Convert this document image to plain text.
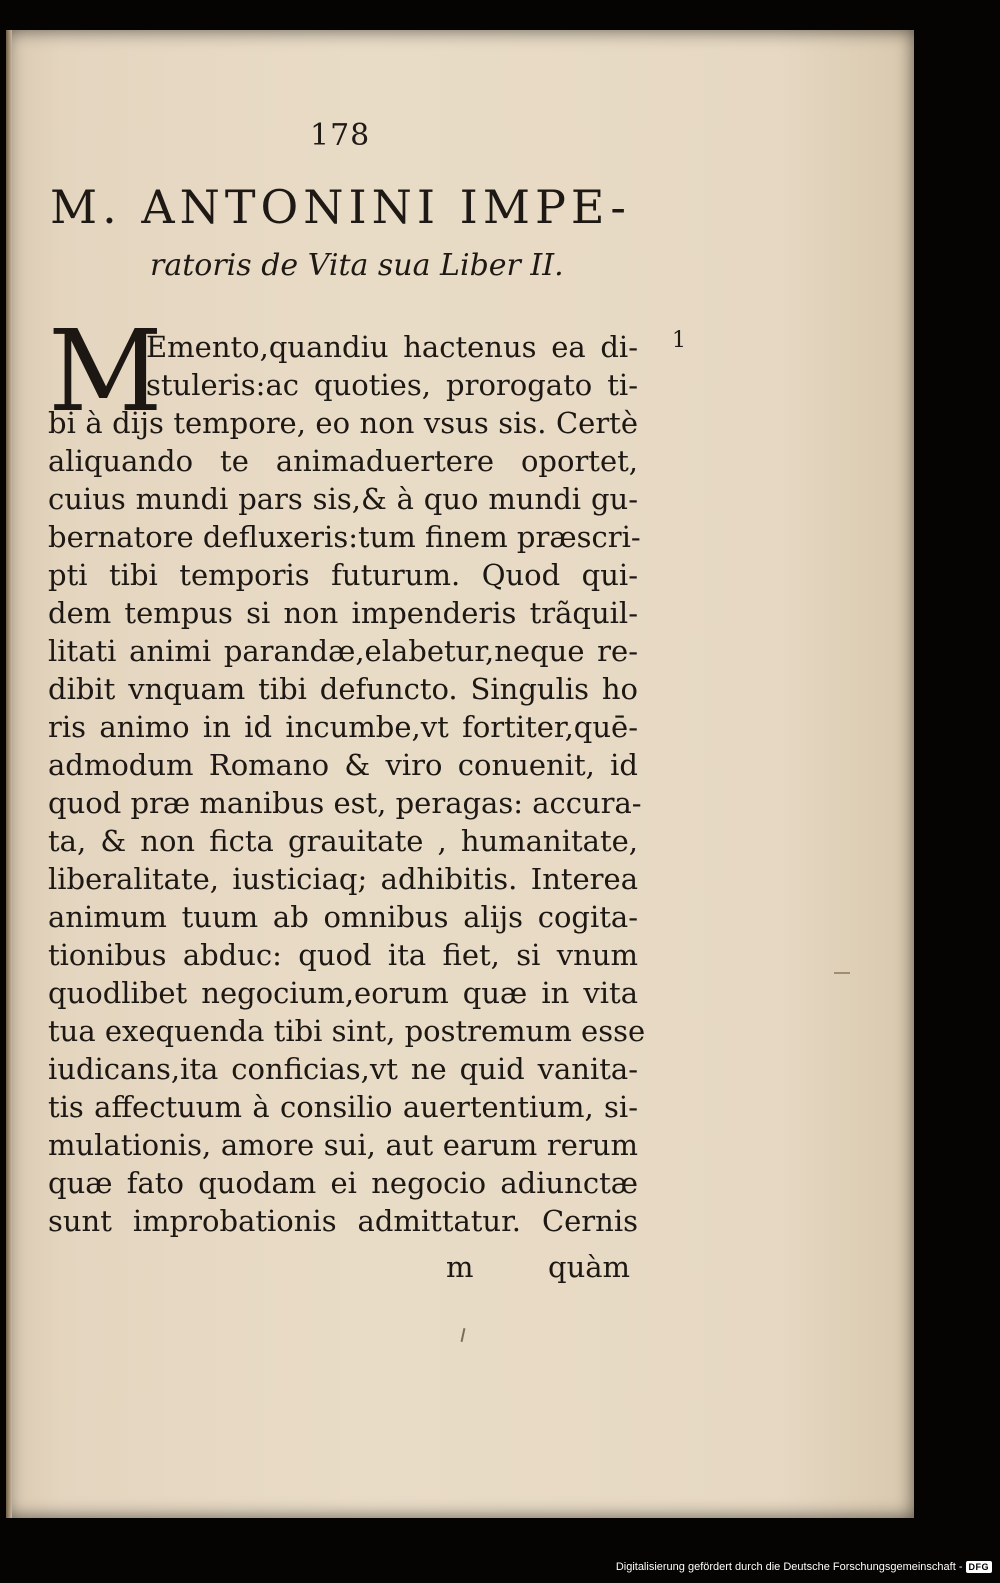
178
M. ANTONINI IMPE-
ratoris de Vita sua Liber II.
M	1
Emento,quandiu hactenus ea di-
stuleris:ac quoties, prorogato ti-
bi à dijs tempore, eo non vsus sis. Certè
aliquando te animaduertere oportet,
cuius mundi pars sis,& à quo mundi gu-
bernatore defluxeris:tum finem præscri-
pti tibi temporis futurum. Quod qui-
dem tempus si non impenderis trãquil-
litati animi parandæ,elabetur,neque re-
dibit vnquam tibi defuncto. Singulis ho
ris animo in id incumbe,vt fortiter,quē-
admodum Romano & viro conuenit, id
quod præ manibus est, peragas: accura-
ta, & non ficta grauitate , humanitate,
liberalitate, iusticiaq; adhibitis. Interea
animum tuum ab omnibus alijs cogita-
tionibus abduc: quod ita fiet, si vnum
quodlibet negocium,eorum quæ in vita
tua exequenda tibi sint, postremum esse
iudicans,ita conficias,vt ne quid vanita-
tis affectuum à consilio auertentium, si-
mulationis, amore sui, aut earum rerum
quæ fato quodam ei negocio adiunctæ
sunt improbationis admittatur. Cernis
m	quàm
Digitalisierung gefördert durch die Deutsche Forschungsgemeinschaft - DFG
